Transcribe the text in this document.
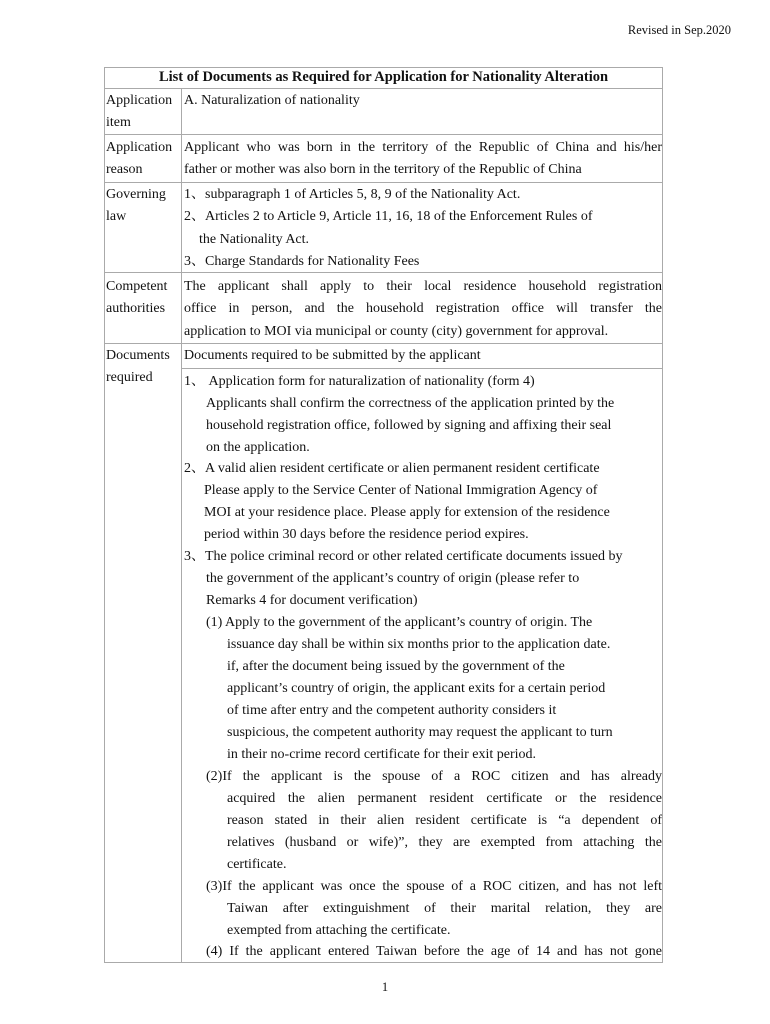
Revised in Sep.2020
List of Documents as Required for Application for Nationality Alteration
Application
item
A. Naturalization of nationality
Application
reason
Applicant who was born in the territory of the Republic of China and his/her
father or mother was also born in the territory of the Republic of China
Governing
law
1、subparagraph 1 of Articles 5, 8, 9 of the Nationality Act.
2、Articles 2 to Article 9, Article 11, 16, 18 of the Enforcement Rules of
the Nationality Act.
3、Charge Standards for Nationality Fees
Competent
authorities
The applicant shall apply to their local residence household registration
office in person, and the household registration office will transfer the
application to MOI via municipal or county (city) government for approval.
Documents
required
Documents required to be submitted by the applicant
1、 Application form for naturalization of nationality (form 4)
Applicants shall confirm the correctness of the application printed by the
household registration office, followed by signing and affixing their seal
on the application.
2、A valid alien resident certificate or alien permanent resident certificate
Please apply to the Service Center of National Immigration Agency of
MOI at your residence place. Please apply for extension of the residence
period within 30 days before the residence period expires.
3、The police criminal record or other related certificate documents issued by
the government of the applicant’s country of origin (please refer to
Remarks 4 for document verification)
(1) Apply to the government of the applicant’s country of origin. The
issuance day shall be within six months prior to the application date.
if, after the document being issued by the government of the
applicant’s country of origin, the applicant exits for a certain period
of time after entry and the competent authority considers it
suspicious, the competent authority may request the applicant to turn
in their no-crime record certificate for their exit period.
(2)If the applicant is the spouse of a ROC citizen and has already
acquired the alien permanent resident certificate or the residence
reason stated in their alien resident certificate is “a dependent of
relatives (husband or wife)”, they are exempted from attaching the
certificate.
(3)If the applicant was once the spouse of a ROC citizen, and has not left
Taiwan after extinguishment of their marital relation, they are
exempted from attaching the certificate.
(4) If the applicant entered Taiwan before the age of 14 and has not gone
1
